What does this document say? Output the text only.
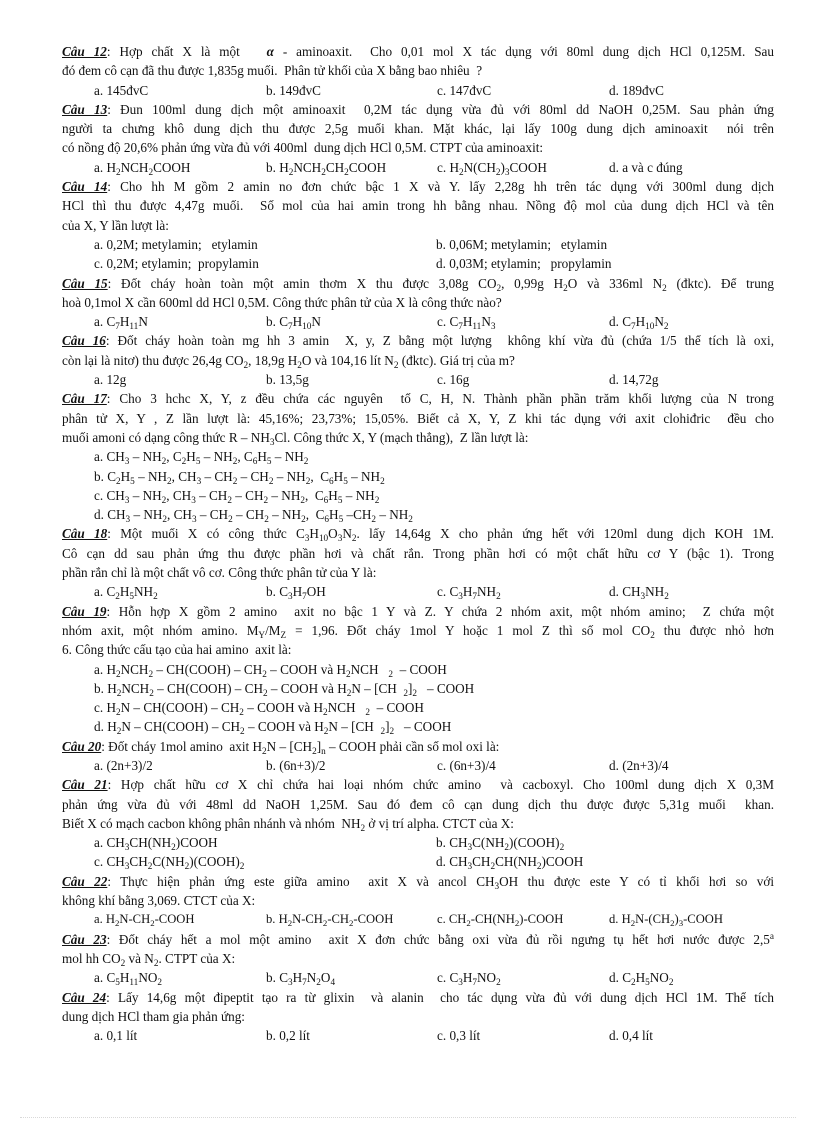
Câu 12: Hợp chất X là một   α - aminoaxit.  Cho 0,01 mol X tác dụng với 80ml dung dịch HCl 0,125M. Sau
đó đem cô cạn đã thu được 1,835g muối.  Phân tử khối của X bằng bao nhiêu  ?
a. 145đvC	b. 149đvC	c. 147đvC	d. 189đvC
Câu 13: Đun 100ml dung dịch một aminoaxit  0,2M tác dụng vừa đủ với 80ml dd NaOH 0,25M. Sau phản ứng
người ta chưng khô dung dịch thu được 2,5g muối khan. Mặt khác, lại lấy 100g dung dịch aminoaxit  nói trên
có nồng độ 20,6% phản ứng vừa đủ với 400ml  dung dịch HCl 0,5M. CTPT của aminoaxit:
a. $H_2NCH_2COOH$	b. $H_2NCH_2CH_2COOH$	c. $H_2N(CH_2)_3COOH$	d. a và c đúng
Câu 14: Cho hh M gồm 2 amin no đơn chức bậc 1 X và Y. lấy 2,28g hh trên tác dụng với 300ml dung dịch
HCl thì thu được 4,47g muối.  Số mol của hai amin trong hh bằng nhau. Nồng độ mol của dung dịch HCl và tên
của X, Y lần lượt là:
a. 0,2M; metylamin;   etylamin	b. 0,06M; metylamin;   etylamin
c. 0,2M; etylamin;  propylamin	d. 0,03M; etylamin;   propylamin
Câu 15: Đốt cháy hoàn toàn một amin thơm X thu được 3,08g $CO_2$, 0,99g $H_2O$ và 336ml $N_2$ (đktc). Để trung
hoà 0,1mol X cần 600ml dd HCl 0,5M. Công thức phân tử của X là công thức nào?
a. $C_7H_{11}N$	b. $C_7H_{10}N$	c. $C_7H_{11}N_3$	d. $C_7H_{10}N_2$
Câu 16: Đốt cháy hoàn toàn mg hh 3 amin  X, y, Z bằng một lượng  không khí vừa đủ (chứa 1/5 thể tích là oxi,
còn lại là nitơ) thu được 26,4g $CO_2$, 18,9g $H_2O$ và 104,16 lít $N_2$ (đktc). Giá trị của m?
a. 12g	b. 13,5g	c. 16g	d. 14,72g
Câu 17: Cho 3 hchc X, Y, z đều chứa các nguyên  tố C, H, N. Thành phần phần trăm khối lượng của N trong
phân tử X, Y , Z lần lượt là: 45,16%; 23,73%; 15,05%. Biết cả X, Y, Z khi tác dụng với axit clohiđric  đều cho
muối amoni có dạng công thức R – $NH_3Cl$. Công thức X, Y (mạch thẳng),  Z lần lượt là:
a. $CH_3 - NH_2$, $C_2H_5 - NH_2$, $C_6H_5 - NH_2$
b. $C_2H_5 - NH_2$, $CH_3 - CH_2 - CH_2 - NH_2$,  $C_6H_5 - NH_2$
c. $CH_3 - NH_2$, $CH_3 - CH_2 - CH_2 - NH_2$,  $C_6H_5 - NH_2$
d. $CH_3 - NH_2$, $CH_3 - CH_2 - CH_2 - NH_2$,  $C_6H_5$ $-CH_2 - NH_2$
Câu 18: Một muối X có công thức $C_3H_{10}O_3N_2$. lấy 14,64g X cho phản ứng hết với 120ml dung dịch KOH 1M.
Cô cạn dd sau phản ứng thu được phần hơi và chất rắn. Trong phần hơi có một chất hữu cơ Y (bậc 1). Trong
phần rắn chỉ là một chất vô cơ. Công thức phân tử của Y là:
a. $C_2H_5NH_2$	b. $C_3H_7OH$	c. $C_3H_7NH_2$	d. $CH_3NH_2$
Câu 19: Hỗn hợp X gồm 2 amino  axit no bậc 1 Y và Z. Y chứa 2 nhóm axit, một nhóm amino;  Z chứa một
nhóm axit, một nhóm amino. $M_Y/M_Z = 1,96$. Đốt cháy 1mol Y hoặc 1 mol Z thì số mol $CO_2$ thu được nhỏ hơn
6. Công thức cấu tạo của hai amino  axit là:
a. $H_2NCH_2$ – CH(COOH) – $CH_2$ – COOH và $H_2NCH$   $_2$  – COOH
b. $H_2NCH_2$ – CH(COOH) – $CH_2$ – COOH và $H_2N - [CH$  $_2]_2$   – COOH
c. $H_2N$ – CH(COOH) – $CH_2$ – COOH và $H_2NCH$   $_2$  – COOH
d. $H_2N$ – CH(COOH) – $CH_2$ – COOH và $H_2N - [CH$  $_2]_2$   – COOH
Câu 20: Đốt cháy 1mol amino  axit $H_2N - [CH_2]_n$ – COOH phải cần số mol oxi là:
a. (2n+3)/2	b. (6n+3)/2	c. (6n+3)/4	d. (2n+3)/4
Câu 21: Hợp chất hữu cơ X chỉ chứa hai loại nhóm chức amino  và cacboxyl. Cho 100ml dung dịch X 0,3M
phản ứng vừa đủ với 48ml dd NaOH 1,25M. Sau đó đem cô cạn dung dịch thu được được 5,31g muối  khan.
Biết X có mạch cacbon không phân nhánh và nhóm  $NH_2$ ở vị trí alpha. CTCT của X:
a. $CH_3CH(NH_2)COOH$	b. $CH_3C(NH_2)(COOH)_2$
c. $CH_3CH_2C(NH_2)(COOH)_2$	d. $CH_3CH_2CH(NH_2)COOH$
Câu 22: Thực hiện phản ứng este giữa amino  axit X và ancol $CH_3OH$ thu được este Y có tỉ khối hơi so với
không khí bằng 3,069. CTCT của X:
a. $H_2N-CH_2$-COOH	b. $H_2N-CH_2-CH_2$-COOH	c. $CH_2-CH(NH_2)$-COOH	d. $H_2N-(CH_2)_3$-COOH
Câu 23: Đốt cháy hết a mol một amino  axit X đơn chức bằng oxi vừa đủ rồi ngưng tụ hết hơi nước được 2,5$^a$
mol hh $CO_2$ và $N_2$. CTPT của X:
a. $C_5H_{11}NO_2$	b. $C_3H_7N_2O_4$	c. $C_3H_7NO_2$	d. $C_2H_5NO_2$
Câu 24: Lấy 14,6g một đipeptit tạo ra từ glixin  và alanin  cho tác dụng vừa đủ với dung dịch HCl 1M. Thể tích
dung dịch HCl tham gia phản ứng:
a. 0,1 lít	b. 0,2 lít	c. 0,3 lít	d. 0,4 lít
